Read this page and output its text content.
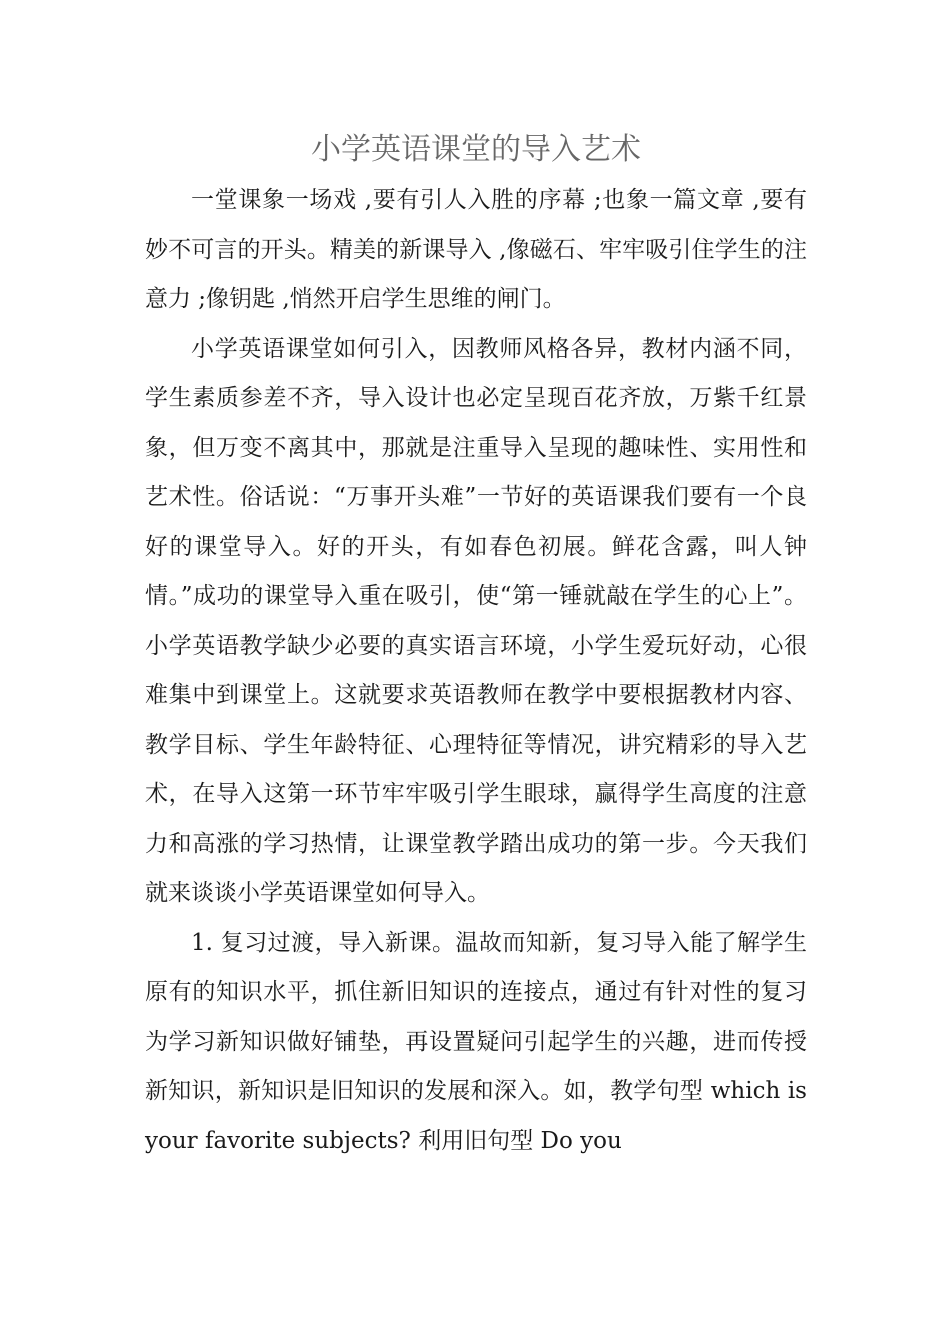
小学英语课堂的导入艺术

一堂课象一场戏 ,要有引人入胜的序幕 ;也象一篇文章 ,要有妙不可言的开头。精美的新课导入 ,像磁石、牢牢吸引住学生的注意力 ;像钥匙 ,悄然开启学生思维的闸门。

小学英语课堂如何引入，因教师风格各异，教材内涵不同，学生素质参差不齐，导入设计也必定呈现百花齐放，万紫千红景象，但万变不离其中，那就是注重导入呈现的趣味性、实用性和艺术性。俗话说：“万事开头难”一节好的英语课我们要有一个良好的课堂导入。好的开头，有如春色初展。鲜花含露，叫人钟情。”成功的课堂导入重在吸引，使“第一锤就敲在学生的心上”。小学英语教学缺少必要的真实语言环境，小学生爱玩好动，心很难集中到课堂上。这就要求英语教师在教学中要根据教材内容、教学目标、学生年龄特征、心理特征等情况，讲究精彩的导入艺术，在导入这第一环节牢牢吸引学生眼球，赢得学生高度的注意力和高涨的学习热情，让课堂教学踏出成功的第一步。今天我们就来谈谈小学英语课堂如何导入。

1. 复习过渡，导入新课。温故而知新，复习导入能了解学生原有的知识水平，抓住新旧知识的连接点，通过有针对性的复习为学习新知识做好铺垫，再设置疑问引起学生的兴趣，进而传授新知识，新知识是旧知识的发展和深入。如，教学句型 which is your favorite subjects? 利用旧句型 Do you
